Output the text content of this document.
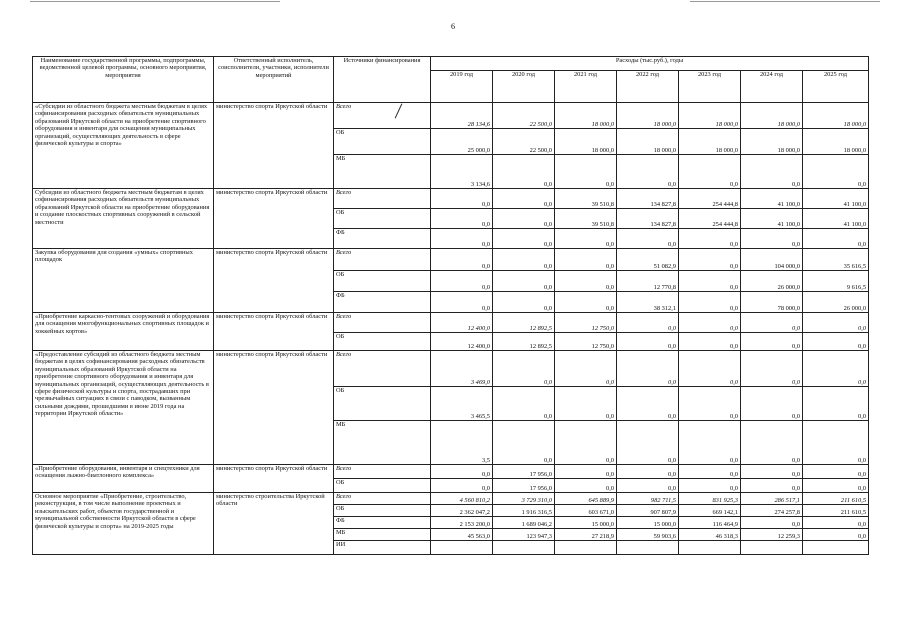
6
Наименование государственной программы, подпрограммы, ведомственной целевой программы, основного мероприятия, мероприятия	Ответственный исполнитель, соисполнители, участники, исполнители мероприятий	Источники финансирования	Расходы (тыс.руб.), годы						
			2019 год	2020 год	2021 год	2022 год	2023 год	2024 год	2025 год
«Субсидии из областного бюджета местным бюджетам в целях софинансирования расходных обязательств муниципальных образований Иркутской области на приобретение спортивного оборудования и инвентаря для оснащения муниципальных организаций, осуществляющих деятельность в сфере физической культуры и спорта»	министерство спорта Иркутской области	Всего	28 134,6	22 500,0	18 000,0	18 000,0	18 000,0	18 000,0	18 000,0
		ОБ	25 000,0	22 500,0	18 000,0	18 000,0	18 000,0	18 000,0	18 000,0
		МБ	3 134,6	0,0	0,0	0,0	0,0	0,0	0,0
Субсидии из областного бюджета местным бюджетам в целях софинансирования расходных обязательств муниципальных образований Иркутской области на приобретение оборудования и создание плоскостных спортивных сооружений в сельской местности	министерство спорта Иркутской области	Всего	0,0	0,0	39 510,8	134 827,8	254 444,8	41 100,0	41 100,0
		ОБ	0,0	0,0	39 510,8	134 827,8	254 444,8	41 100,0	41 100,0
		ФБ	0,0	0,0	0,0	0,0	0,0	0,0	0,0
Закупка оборудования для создания «умных» спортивных площадок	министерство спорта Иркутской области	Всего	0,0	0,0	0,0	51 082,9	0,0	104 000,0	35 616,5
		ОБ	0,0	0,0	0,0	12 770,8	0,0	26 000,0	9 616,5
		ФБ	0,0	0,0	0,0	38 312,1	0,0	78 000,0	26 000,0
«Приобретение каркасно-тентовых сооружений и оборудования для оснащения многофункциональных спортивных площадок и хоккейных кортов»	министерство спорта Иркутской области	Всего	12 400,0	12 892,5	12 750,0	0,0	0,0	0,0	0,0
		ОБ	12 400,0	12 892,5	12 750,0	0,0	0,0	0,0	0,0
«Предоставление субсидий из областного бюджета местным бюджетам в целях софинансирования расходных обязательств муниципальных образований Иркутской области на приобретение спортивного оборудования и инвентаря для муниципальных организаций, осуществляющих деятельность в сфере физической культуры и спорта, пострадавших при чрезвычайных ситуациях в связи с паводком, вызванным сильными дождями, прошедшими в июне 2019 года на территории Иркутской области»	министерство спорта Иркутской области	Всего	3 469,0	0,0	0,0	0,0	0,0	0,0	0,0
		ОБ	3 465,5	0,0	0,0	0,0	0,0	0,0	0,0
		МБ	3,5	0,0	0,0	0,0	0,0	0,0	0,0
«Приобретение оборудования, инвентаря и спецтехники для оснащения лыжно-биатлонного комплекса»	министерство спорта Иркутской области	Всего	0,0	17 956,0	0,0	0,0	0,0	0,0	0,0
		ОБ	0,0	17 956,0	0,0	0,0	0,0	0,0	0,0
Основное мероприятие «Приобретение, строительство, реконструкция, в том числе выполнение проектных и изыскательских работ, объектов государственной и муниципальной собственности Иркутской области в сфере физической культуры и спорта» на 2019-2025 годы	министерство строительства Иркутской области	Всего	4 560 810,2	3 729 310,0	645 889,9	982 711,5	831 925,3	286 517,1	211 610,5
		ОБ	2 362 047,2	1 916 316,5	603 671,0	907 807,9	669 142,1	274 257,8	211 610,5
		ФБ	2 153 200,0	1 689 046,2	15 000,0	15 000,0	116 464,9	0,0	0,0
		МБ	45 563,0	123 947,3	27 218,9	59 903,6	46 318,3	12 259,3	0,0
		ИИ							
